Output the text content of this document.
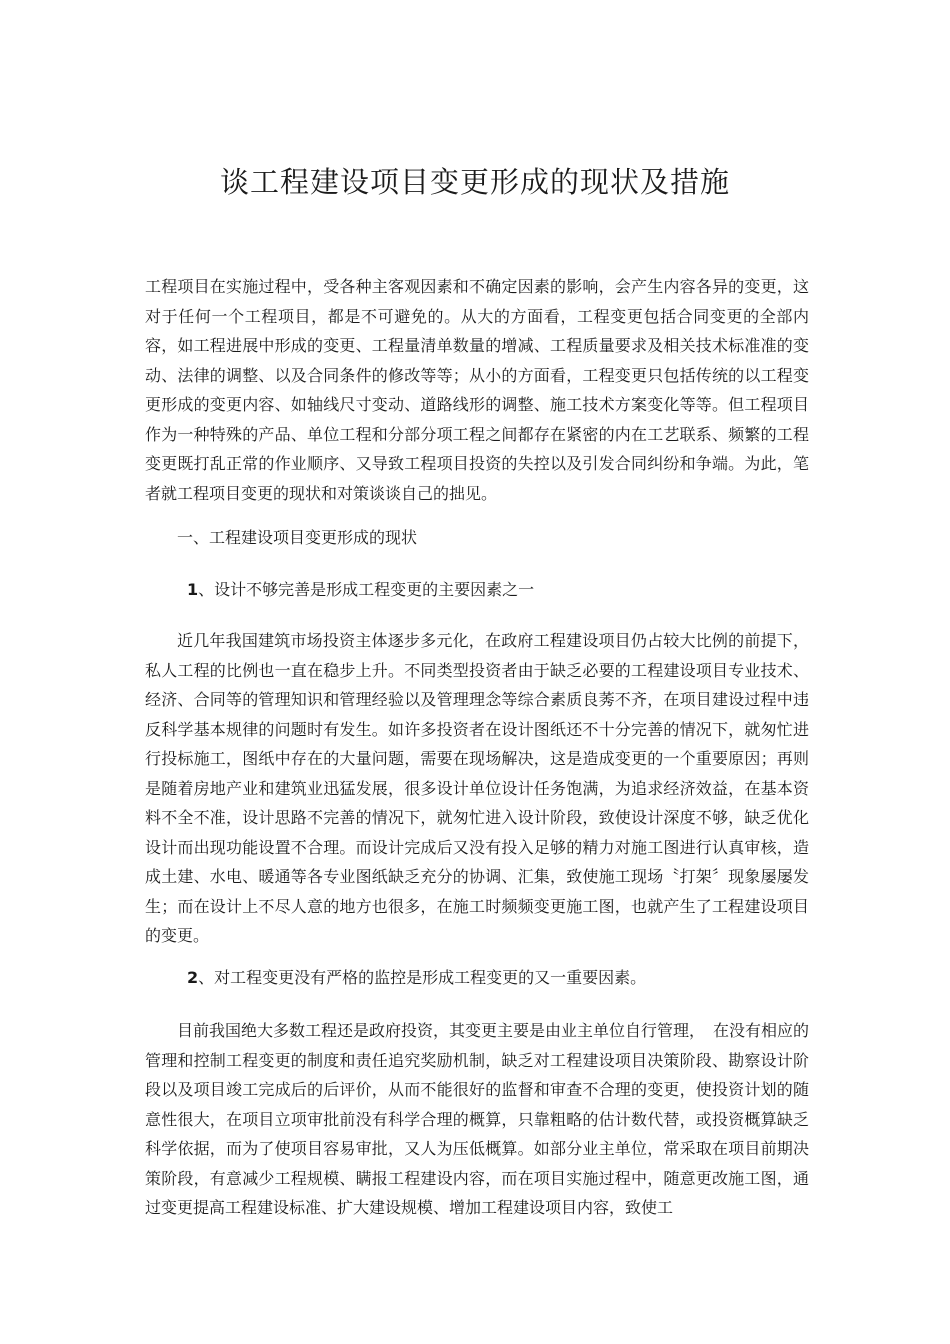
谈工程建设项目变更形成的现状及措施

工程项目在实施过程中，受各种主客观因素和不确定因素的影响，会产生内容各异的变更，这对于任何一个工程项目，都是不可避免的。从大的方面看，工程变更包括合同变更的全部内容，如工程进展中形成的变更、工程量清单数量的增减、工程质量要求及相关技术标准准的变动、法律的调整、以及合同条件的修改等等；从小的方面看，工程变更只包括传统的以工程变更形成的变更内容、如轴线尺寸变动、道路线形的调整、施工技术方案变化等等。但工程项目作为一种特殊的产品、单位工程和分部分项工程之间都存在紧密的内在工艺联系、频繁的工程变更既打乱正常的作业顺序、又导致工程项目投资的失控以及引发合同纠纷和争端。为此，笔者就工程项目变更的现状和对策谈谈自己的拙见。

一、工程建设项目变更形成的现状

1、设计不够完善是形成工程变更的主要因素之一

近几年我国建筑市场投资主体逐步多元化，在政府工程建设项目仍占较大比例的前提下，私人工程的比例也一直在稳步上升。不同类型投资者由于缺乏必要的工程建设项目专业技术、经济、合同等的管理知识和管理经验以及管理理念等综合素质良莠不齐，在项目建设过程中违反科学基本规律的问题时有发生。如许多投资者在设计图纸还不十分完善的情况下，就匆忙进行投标施工，图纸中存在的大量问题，需要在现场解决，这是造成变更的一个重要原因；再则是随着房地产业和建筑业迅猛发展，很多设计单位设计任务饱满，为追求经济效益，在基本资料不全不准，设计思路不完善的情况下，就匆忙进入设计阶段，致使设计深度不够，缺乏优化设计而出现功能设置不合理。而设计完成后又没有投入足够的精力对施工图进行认真审核，造成土建、水电、暖通等各专业图纸缺乏充分的协调、汇集，致使施工现场〝打架〞现象屡屡发生；而在设计上不尽人意的地方也很多，在施工时频频变更施工图，也就产生了工程建设项目的变更。

2、对工程变更没有严格的监控是形成工程变更的又一重要因素。

目前我国绝大多数工程还是政府投资，其变更主要是由业主单位自行管理，　在没有相应的管理和控制工程变更的制度和责任追究奖励机制，缺乏对工程建设项目决策阶段、勘察设计阶段以及项目竣工完成后的后评价，从而不能很好的监督和审查不合理的变更，使投资计划的随意性很大，在项目立项审批前没有科学合理的概算，只靠粗略的估计数代替，或投资概算缺乏科学依据，而为了使项目容易审批，又人为压低概算。如部分业主单位，常采取在项目前期决策阶段，有意减少工程规模、瞒报工程建设内容，而在项目实施过程中，随意更改施工图，通过变更提高工程建设标准、扩大建设规模、增加工程建设项目内容，致使工
